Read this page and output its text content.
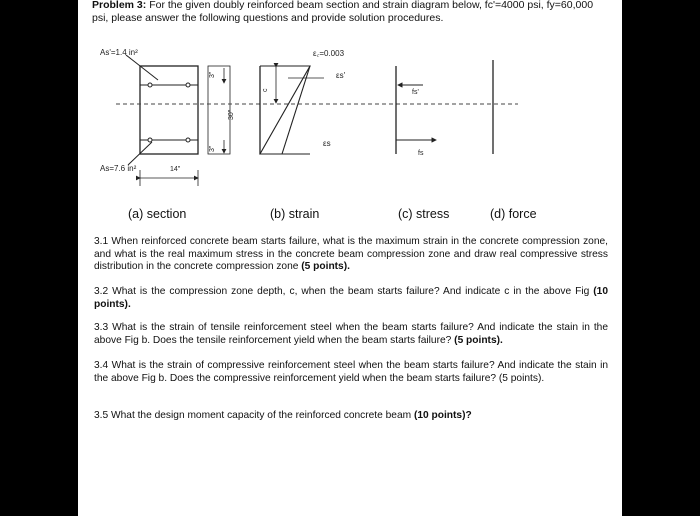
Problem 3: For the given doubly reinforced beam section and strain diagram below, fc'=4000 psi, fy=60,000 psi, please answer the following questions and provide solution procedures.
As'=1.4 in²
As=7.6 in²	14"
3"
30"
3"
c
ε꜀=0.003
εs'
εs
fs'
fs
(a) section	(b) strain	(c) stress	(d) force
3.1 When reinforced concrete beam starts failure, what is the maximum strain in the concrete compression zone, and what is the real maximum stress in the concrete beam compression zone and draw real compressive stress distribution in the concrete compression zone (5 points).
3.2 What is the compression zone depth, c, when the beam starts failure? And indicate c in the above Fig (10 points).
3.3 What is the strain of tensile reinforcement steel when the beam starts failure? And indicate the stain in the above Fig b. Does the tensile reinforcement yield when the beam starts failure? (5 points).
3.4 What is the strain of compressive reinforcement steel when the beam starts failure? And indicate the stain in the above Fig b. Does the compressive reinforcement yield when the beam starts failure? (5 points).
3.5 What the design moment capacity of the reinforced concrete beam (10 points)?
